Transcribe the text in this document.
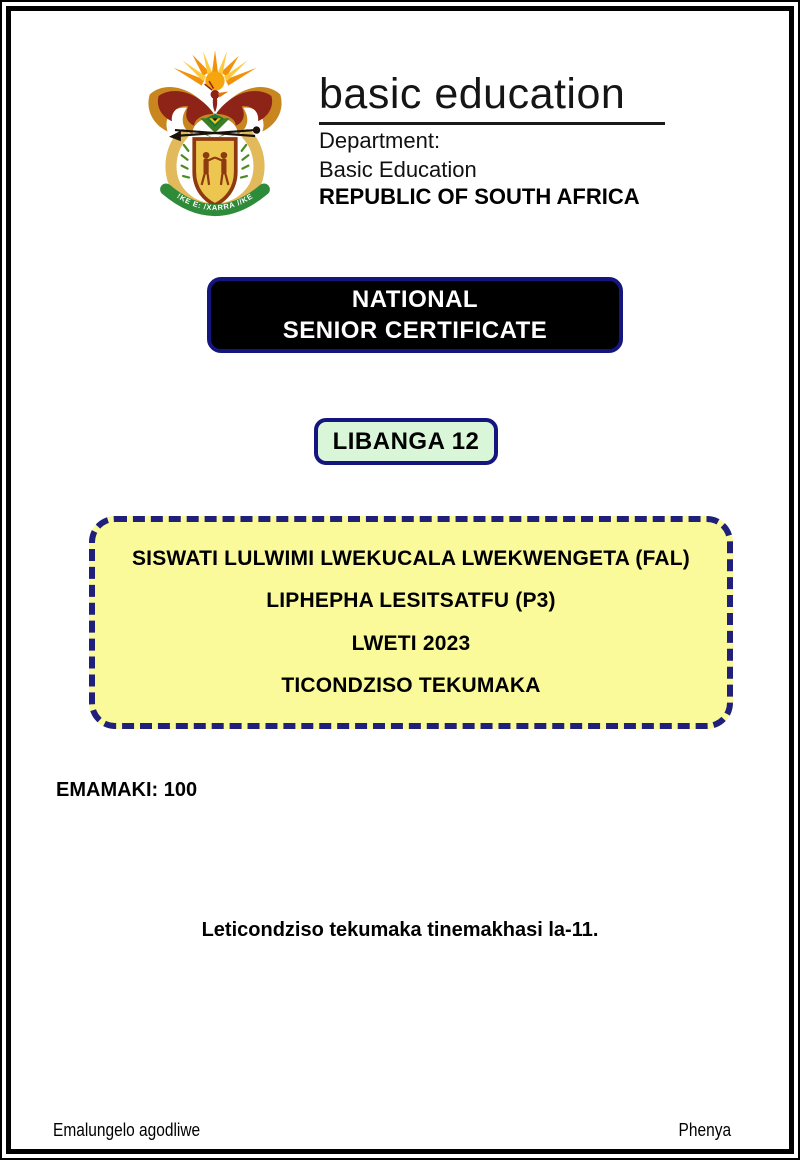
!KE E: /XARRA //KE
basic education
Department:
Basic Education
REPUBLIC OF SOUTH AFRICA
NATIONAL
SENIOR CERTIFICATE
LIBANGA 12
SISWATI LULWIMI LWEKUCALA LWEKWENGETA (FAL)
LIPHEPHA LESITSATFU (P3)
LWETI 2023
TICONDZISO TEKUMAKA
EMAMAKI: 100
Leticondziso tekumaka tinemakhasi la-11.
Emalungelo agodliwe	Phenya
